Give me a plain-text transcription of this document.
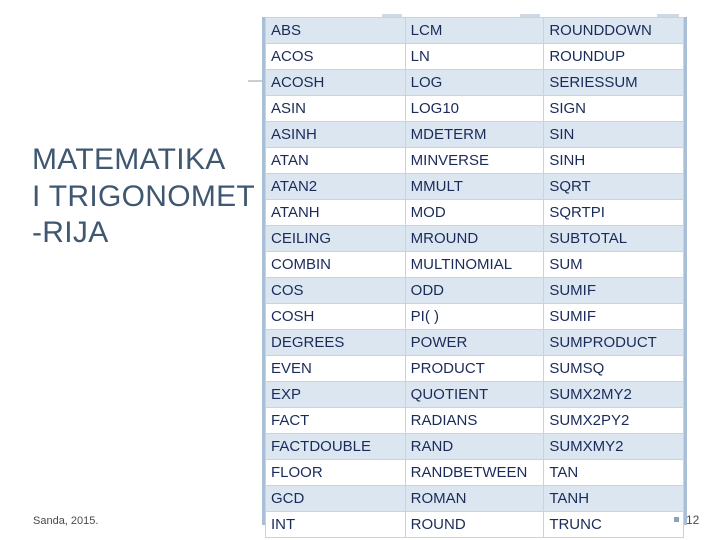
MATEMATIKA
I TRIGONOMET
-RIJA
ABS	LCM	ROUNDDOWN
ACOS	LN	ROUNDUP
ACOSH	LOG	SERIESSUM
ASIN	LOG10	SIGN
ASINH	MDETERM	SIN
ATAN	MINVERSE	SINH
ATAN2	MMULT	SQRT
ATANH	MOD	SQRTPI
CEILING	MROUND	SUBTOTAL
COMBIN	MULTINOMIAL	SUM
COS	ODD	SUMIF
COSH	PI( )	SUMIF
DEGREES	POWER	SUMPRODUCT
EVEN	PRODUCT	SUMSQ
EXP	QUOTIENT	SUMX2MY2
FACT	RADIANS	SUMX2PY2
FACTDOUBLE	RAND	SUMXMY2
FLOOR	RANDBETWEEN	TAN
GCD	ROMAN	TANH
INT	ROUND	TRUNC
Sanda, 2015.	12
